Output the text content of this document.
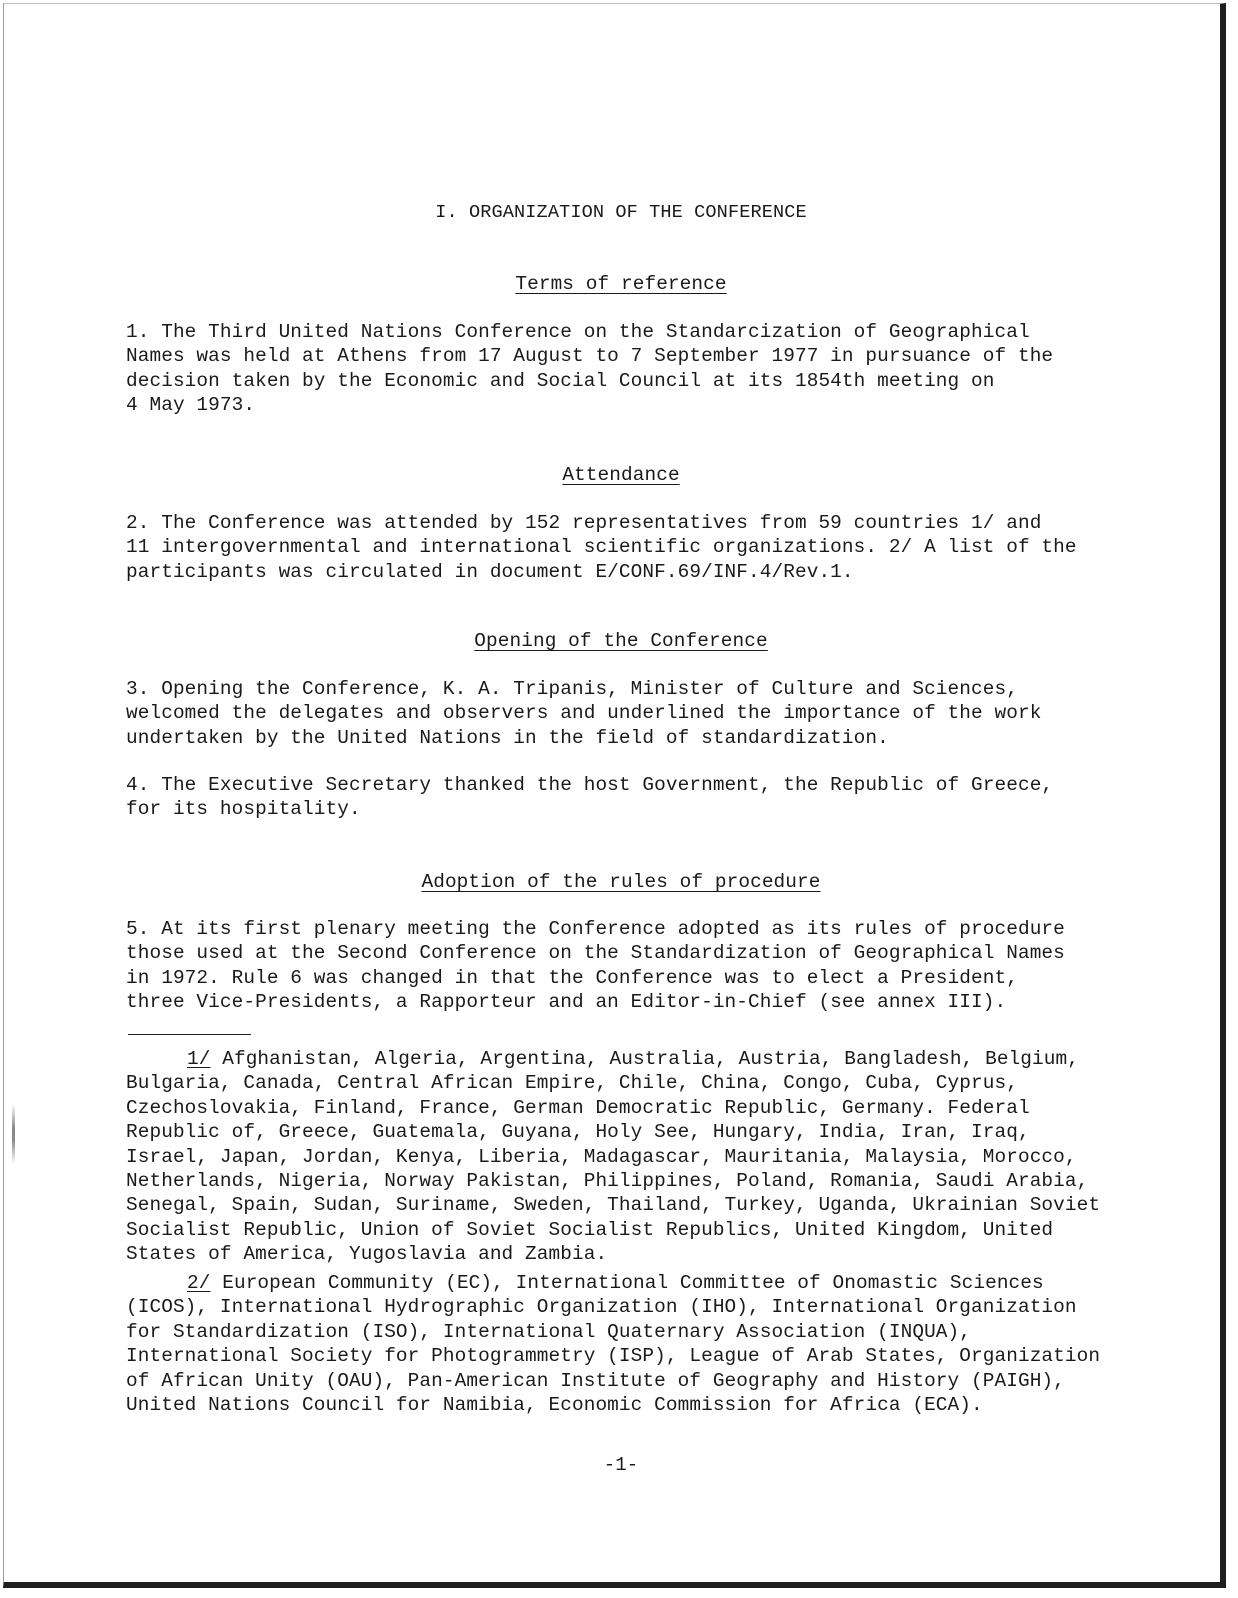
I. ORGANIZATION OF THE CONFERENCE
Terms of reference

1. The Third United Nations Conference on the Standarcization of Geographical
Names was held at Athens from 17 August to 7 September 1977 in pursuance of the
decision taken by the Economic and Social Council at its 1854th meeting on
4 May 1973.

Attendance

2. The Conference was attended by 152 representatives from 59 countries 1/ and
11 intergovernmental and international scientific organizations. 2/ A list of the
participants was circulated in document E/CONF.69/INF.4/Rev.1.

Opening of the Conference

3. Opening the Conference, K. A. Tripanis, Minister of Culture and Sciences,
welcomed the delegates and observers and underlined the importance of the work
undertaken by the United Nations in the field of standardization.

4. The Executive Secretary thanked the host Government, the Republic of Greece,
for its hospitality.

Adoption of the rules of procedure

5. At its first plenary meeting the Conference adopted as its rules of procedure
those used at the Second Conference on the Standardization of Geographical Names
in 1972. Rule 6 was changed in that the Conference was to elect a President,
three Vice-Presidents, a Rapporteur and an Editor-in-Chief (see annex III).

1/ Afghanistan, Algeria, Argentina, Australia, Austria, Bangladesh, Belgium,
Bulgaria, Canada, Central African Empire, Chile, China, Congo, Cuba, Cyprus,
Czechoslovakia, Finland, France, German Democratic Republic, Germany. Federal
Republic of, Greece, Guatemala, Guyana, Holy See, Hungary, India, Iran, Iraq,
Israel, Japan, Jordan, Kenya, Liberia, Madagascar, Mauritania, Malaysia, Morocco,
Netherlands, Nigeria, Norway Pakistan, Philippines, Poland, Romania, Saudi Arabia,
Senegal, Spain, Sudan, Suriname, Sweden, Thailand, Turkey, Uganda, Ukrainian Soviet
Socialist Republic, Union of Soviet Socialist Republics, United Kingdom, United
States of America, Yugoslavia and Zambia.

2/ European Community (EC), International Committee of Onomastic Sciences
(ICOS), International Hydrographic Organization (IHO), International Organization
for Standardization (ISO), International Quaternary Association (INQUA),
International Society for Photogrammetry (ISP), League of Arab States, Organization
of African Unity (OAU), Pan-American Institute of Geography and History (PAIGH),
United Nations Council for Namibia, Economic Commission for Africa (ECA).

-1-
